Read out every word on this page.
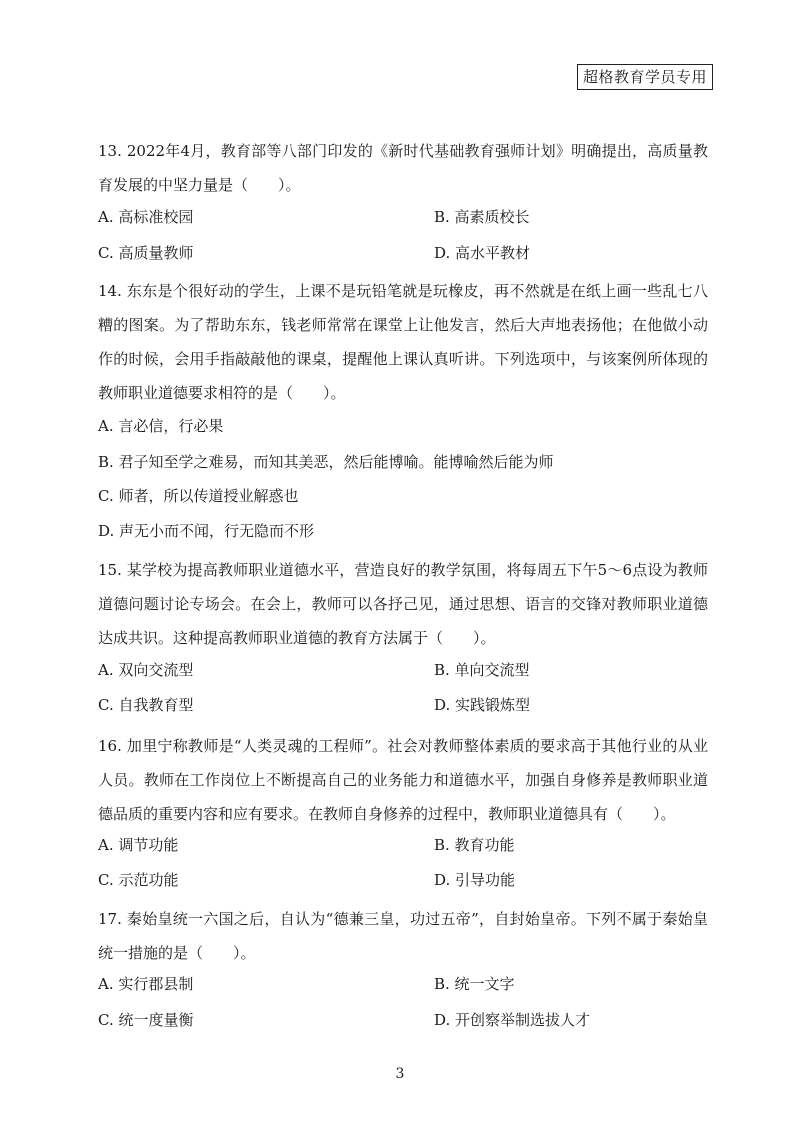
超格教育学员专用

13. 2022年4月，教育部等八部门印发的《新时代基础教育强师计划》明确提出，高质量教育发展的中坚力量是（　　）。

A. 高标准校园	B. 高素质校长
C. 高质量教师	D. 高水平教材

14. 东东是个很好动的学生，上课不是玩铅笔就是玩橡皮，再不然就是在纸上画一些乱七八糟的图案。为了帮助东东，钱老师常常在课堂上让他发言，然后大声地表扬他；在他做小动作的时候，会用手指敲敲他的课桌，提醒他上课认真听讲。下列选项中，与该案例所体现的教师职业道德要求相符的是（　　）。

A. 言必信，行必果
B. 君子知至学之难易，而知其美恶，然后能博喻。能博喻然后能为师
C. 师者，所以传道授业解惑也
D. 声无小而不闻，行无隐而不形

15. 某学校为提高教师职业道德水平，营造良好的教学氛围，将每周五下午5～6点设为教师道德问题讨论专场会。在会上，教师可以各抒己见，通过思想、语言的交锋对教师职业道德达成共识。这种提高教师职业道德的教育方法属于（　　）。

A. 双向交流型	B. 单向交流型
C. 自我教育型	D. 实践锻炼型

16. 加里宁称教师是“人类灵魂的工程师”。社会对教师整体素质的要求高于其他行业的从业人员。教师在工作岗位上不断提高自己的业务能力和道德水平，加强自身修养是教师职业道德品质的重要内容和应有要求。在教师自身修养的过程中，教师职业道德具有（　　）。

A. 调节功能	B. 教育功能
C. 示范功能	D. 引导功能

17. 秦始皇统一六国之后，自认为“德兼三皇，功过五帝”，自封始皇帝。下列不属于秦始皇统一措施的是（　　）。

A. 实行郡县制	B. 统一文字
C. 统一度量衡	D. 开创察举制选拔人才
3
